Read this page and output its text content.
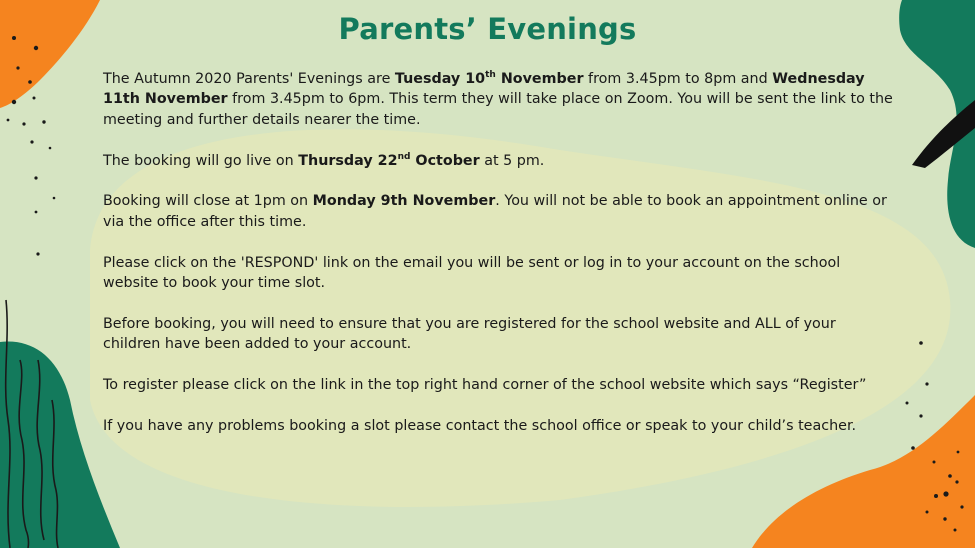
Parents’ Evenings

The Autumn 2020 Parents' Evenings are Tuesday 10th November from 3.45pm to 8pm and Wednesday 11th November from 3.45pm to 6pm. This term they will take place on Zoom. You will be sent the link to the meeting and further details nearer the time.

The booking will go live on Thursday 22nd October at 5 pm.

Booking will close at 1pm on Monday 9th November. You will not be able to book an appointment online or via the office after this time.

Please click on the 'RESPOND' link on the email you will be sent or log in to your account on the school website to book your time slot.

Before booking, you will need to ensure that you are registered for the school website and ALL of your children have been added to your account.

To register please click on the link in the top right hand corner of the school website which says “Register”

If you have any problems booking a slot please contact the school office or speak to your child’s teacher.
